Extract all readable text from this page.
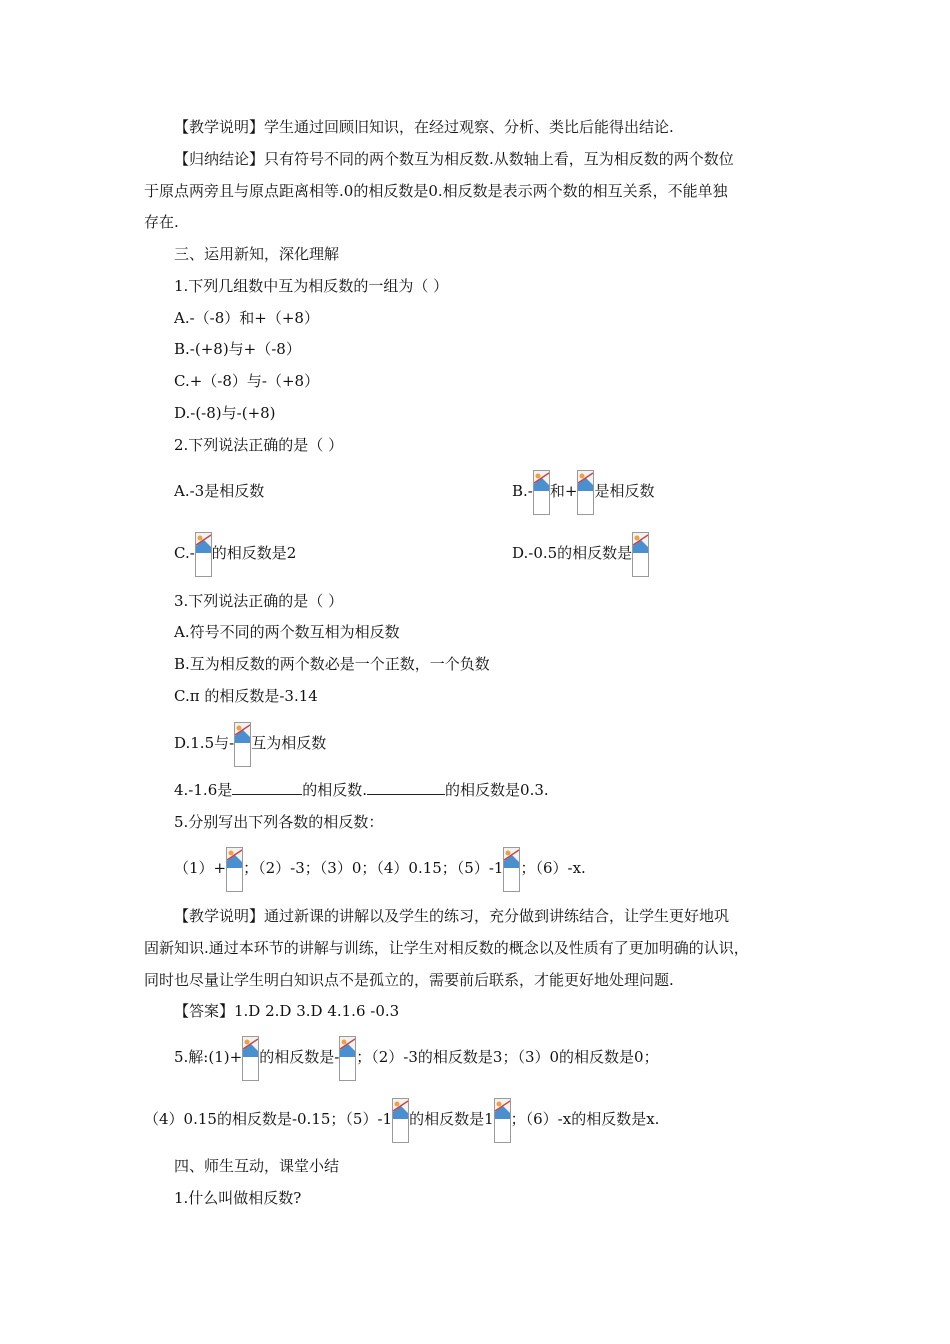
【教学说明】学生通过回顾旧知识，在经过观察、分析、类比后能得出结论.
【归纳结论】只有符号不同的两个数互为相反数.从数轴上看，互为相反数的两个数位
于原点两旁且与原点距离相等.0的相反数是0.相反数是表示两个数的相互关系，不能单独
存在.
三、运用新知，深化理解
1.下列几组数中互为相反数的一组为（ ）
A.-（-8）和+（+8）
B.-(+8)与+（-8）
C.+（-8）与-（+8）
D.-(-8)与-(+8)
2.下列说法正确的是（ ）
A.-3是相反数	B.- 和+ 是相反数
C.- 的相反数是2	D.-0.5的相反数是
3.下列说法正确的是（ ）
A.符号不同的两个数互相为相反数
B.互为相反数的两个数必是一个正数，一个负数
C.π 的相反数是-3.14
D.1.5与- 互为相反数
4.-1.6是	的相反数.	的相反数是0.3.
5.分别写出下列各数的相反数：
（1）+ ；（2）-3；（3）0；（4）0.15；（5）-1 ；（6）-x.
【教学说明】通过新课的讲解以及学生的练习，充分做到讲练结合，让学生更好地巩
固新知识.通过本环节的讲解与训练，让学生对相反数的概念以及性质有了更加明确的认识，
同时也尽量让学生明白知识点不是孤立的，需要前后联系，才能更好地处理问题.
【答案】1.D 2.D 3.D 4.1.6 -0.3
5.解:(1)+ 的相反数是- ；（2）-3的相反数是3；（3）0的相反数是0；
（4）0.15的相反数是-0.15；（5）-1 的相反数是1 ；（6）-x的相反数是x.
四、师生互动，课堂小结
1.什么叫做相反数?
